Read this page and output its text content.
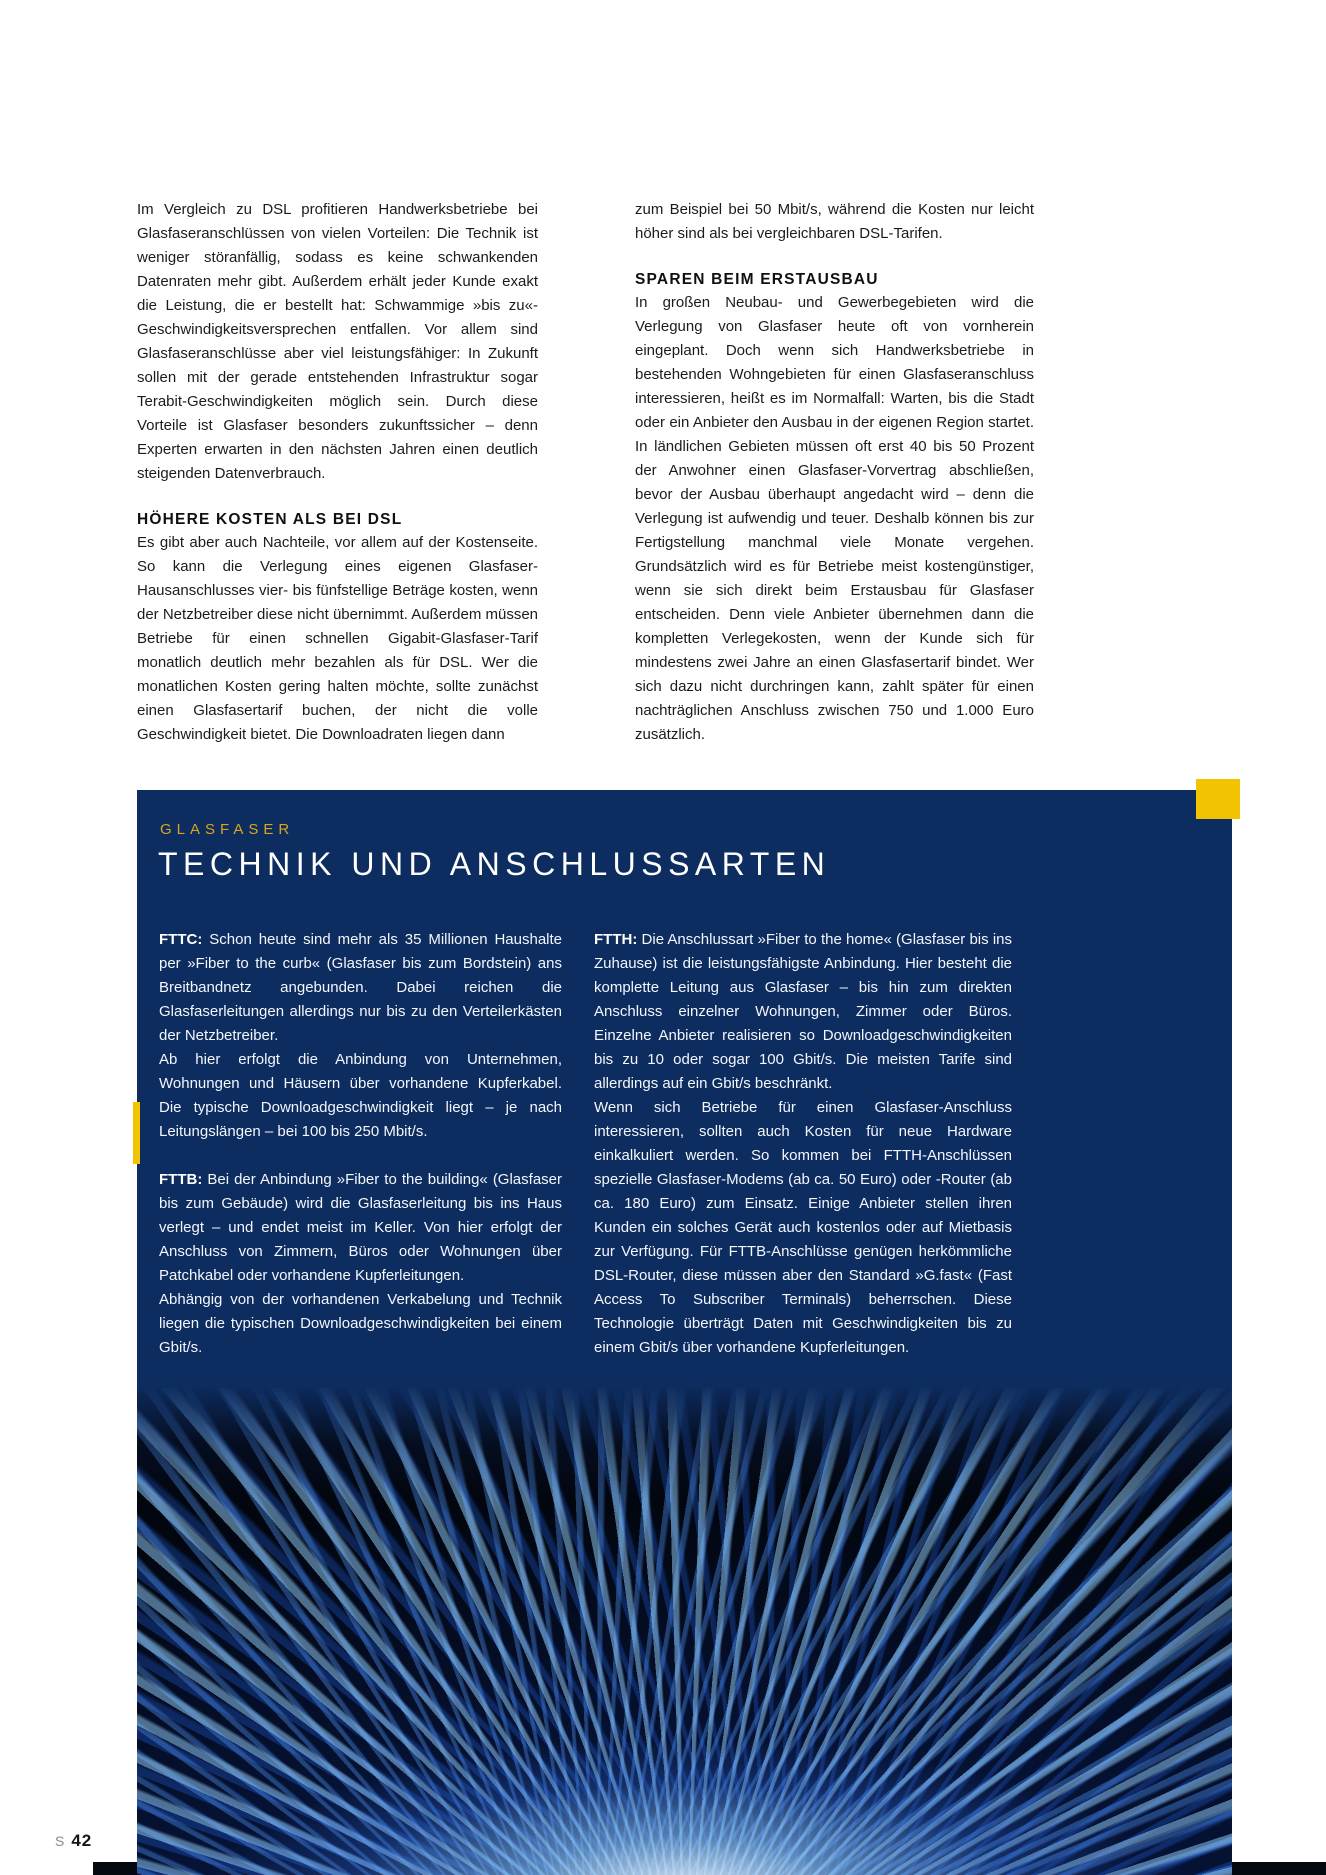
Im Vergleich zu DSL profitieren Handwerksbetriebe bei Glasfaseranschlüssen von vielen Vorteilen: Die Technik ist weniger störanfällig, sodass es keine schwankenden Datenraten mehr gibt. Außerdem erhält jeder Kunde exakt die Leistung, die er bestellt hat: Schwammige »bis zu«-Geschwindigkeitsversprechen entfallen. Vor allem sind Glasfaseranschlüsse aber viel leistungsfähiger: In Zukunft sollen mit der gerade entstehenden Infrastruktur sogar Terabit-Geschwindigkeiten möglich sein. Durch diese Vorteile ist Glasfaser besonders zukunftssicher – denn Experten erwarten in den nächsten Jahren einen deutlich steigenden Datenverbrauch.

HÖHERE KOSTEN ALS BEI DSL

Es gibt aber auch Nachteile, vor allem auf der Kostenseite. So kann die Verlegung eines eigenen Glasfaser-Hausanschlusses vier- bis fünfstellige Beträge kosten, wenn der Netzbetreiber diese nicht übernimmt. Außerdem müssen Betriebe für einen schnellen Gigabit-Glasfaser-Tarif monatlich deutlich mehr bezahlen als für DSL. Wer die monatlichen Kosten gering halten möchte, sollte zunächst einen Glasfasertarif buchen, der nicht die volle Geschwindigkeit bietet. Die Downloadraten liegen dann

zum Beispiel bei 50 Mbit/s, während die Kosten nur leicht höher sind als bei vergleichbaren DSL-Tarifen.

SPAREN BEIM ERSTAUSBAU

In großen Neubau- und Gewerbegebieten wird die Verlegung von Glasfaser heute oft von vornherein eingeplant. Doch wenn sich Handwerksbetriebe in bestehenden Wohngebieten für einen Glasfaseranschluss interessieren, heißt es im Normalfall: Warten, bis die Stadt oder ein Anbieter den Ausbau in der eigenen Region startet. In ländlichen Gebieten müssen oft erst 40 bis 50 Prozent der Anwohner einen Glasfaser-Vorvertrag abschließen, bevor der Ausbau überhaupt angedacht wird – denn die Verlegung ist aufwendig und teuer. Deshalb können bis zur Fertigstellung manchmal viele Monate vergehen. Grundsätzlich wird es für Betriebe meist kostengünstiger, wenn sie sich direkt beim Erstausbau für Glasfaser entscheiden. Denn viele Anbieter übernehmen dann die kompletten Verlegekosten, wenn der Kunde sich für mindestens zwei Jahre an einen Glasfasertarif bindet. Wer sich dazu nicht durchringen kann, zahlt später für einen nachträglichen Anschluss zwischen 750 und 1.000 Euro zusätzlich.

GLASFASER
TECHNIK UND ANSCHLUSSARTEN

FTTC: Schon heute sind mehr als 35 Millionen Haushalte per »Fiber to the curb« (Glasfaser bis zum Bordstein) ans Breitbandnetz angebunden. Dabei reichen die Glasfaserleitungen allerdings nur bis zu den Verteilerkästen der Netzbetreiber.

Ab hier erfolgt die Anbindung von Unternehmen, Wohnungen und Häusern über vorhandene Kupferkabel. Die typische Downloadgeschwindigkeit liegt – je nach Leitungslängen – bei 100 bis 250 Mbit/s.

FTTB: Bei der Anbindung »Fiber to the building« (Glasfaser bis zum Gebäude) wird die Glasfaserleitung bis ins Haus verlegt – und endet meist im Keller. Von hier erfolgt der Anschluss von Zimmern, Büros oder Wohnungen über Patchkabel oder vorhandene Kupferleitungen.

Abhängig von der vorhandenen Verkabelung und Technik liegen die typischen Downloadgeschwindigkeiten bei einem Gbit/s.

FTTH: Die Anschlussart »Fiber to the home« (Glasfaser bis ins Zuhause) ist die leistungsfähigste Anbindung. Hier besteht die komplette Leitung aus Glasfaser – bis hin zum direkten Anschluss einzelner Wohnungen, Zimmer oder Büros. Einzelne Anbieter realisieren so Downloadgeschwindigkeiten bis zu 10 oder sogar 100 Gbit/s. Die meisten Tarife sind allerdings auf ein Gbit/s beschränkt.

Wenn sich Betriebe für einen Glasfaser-Anschluss interessieren, sollten auch Kosten für neue Hardware einkalkuliert werden. So kommen bei FTTH-Anschlüssen spezielle Glasfaser-Modems (ab ca. 50 Euro) oder -Router (ab ca. 180 Euro) zum Einsatz. Einige Anbieter stellen ihren Kunden ein solches Gerät auch kostenlos oder auf Mietbasis zur Verfügung. Für FTTB-Anschlüsse genügen herkömmliche DSL-Router, diese müssen aber den Standard »G.fast« (Fast Access To Subscriber Terminals) beherrschen. Diese Technologie überträgt Daten mit Geschwindigkeiten bis zu einem Gbit/s über vorhandene Kupferleitungen.

S 42
